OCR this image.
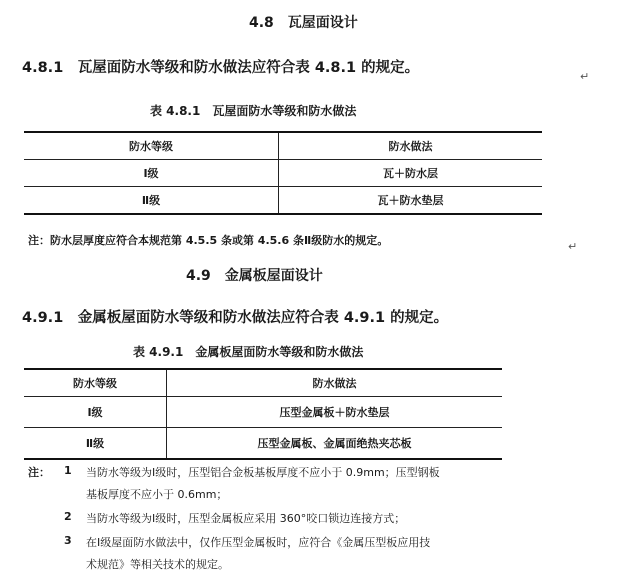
4.8　瓦屋面设计
4.8.1　瓦屋面防水等级和防水做法应符合表 4.8.1 的规定。
↵
表 4.8.1　瓦屋面防水等级和防水做法
防水等级	防水做法
Ⅰ级	瓦＋防水层
Ⅱ级	瓦＋防水垫层
注：防水层厚度应符合本规范第 4.5.5 条或第 4.5.6 条Ⅱ级防水的规定。	↵
4.9　金属板屋面设计
4.9.1　金属板屋面防水等级和防水做法应符合表 4.9.1 的规定。
表 4.9.1　金属板屋面防水等级和防水做法
防水等级	防水做法
Ⅰ级	压型金属板＋防水垫层
Ⅱ级	压型金属板、金属面绝热夹芯板
注： 1 当防水等级为Ⅰ级时，压型铝合金板基板厚度不应小于 0.9mm；压型钢板
基板厚度不应小于 0.6mm；
2 当防水等级为Ⅰ级时，压型金属板应采用 360°咬口锁边连接方式；
3 在Ⅰ级屋面防水做法中，仅作压型金属板时，应符合《金属压型板应用技
术规范》等相关技术的规定。
